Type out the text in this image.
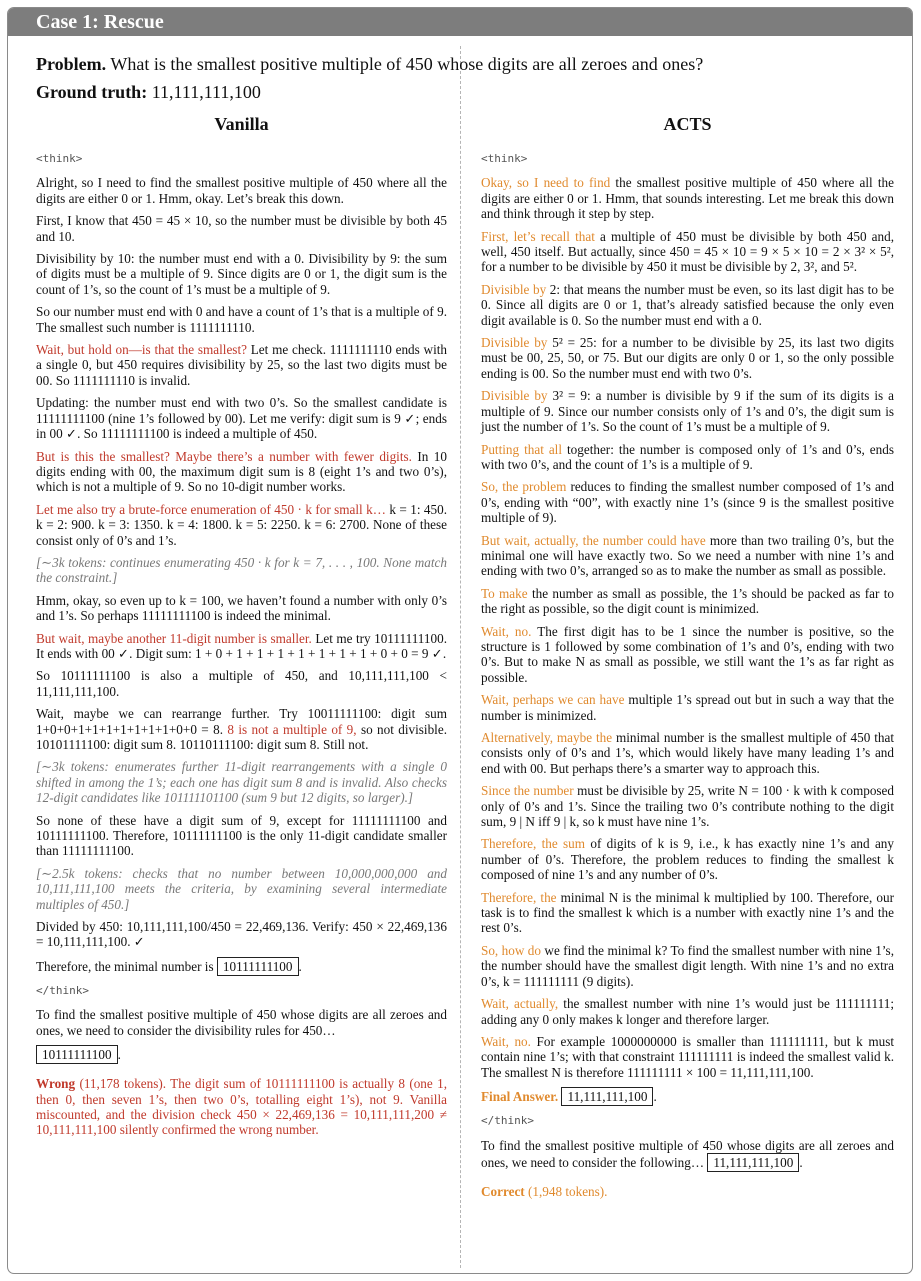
Case 1: Rescue
Problem. What is the smallest positive multiple of 450 whose digits are all zeroes and ones?
Ground truth: 11,111,111,100
Vanilla	ACTS
<think>

Alright, so I need to find the smallest positive multiple of 450 where all the digits are either 0 or 1. Hmm, okay. Let’s break this down.

First, I know that 450 = 45 × 10, so the number must be divisible by both 45 and 10.

Divisibility by 10: the number must end with a 0. Divisibility by 9: the sum of digits must be a multiple of 9. Since digits are 0 or 1, the digit sum is the count of 1’s, so the count of 1’s must be a multiple of 9.

So our number must end with 0 and have a count of 1’s that is a multiple of 9. The smallest such number is 1111111110.

Wait, but hold on—is that the smallest? Let me check. 1111111110 ends with a single 0, but 450 requires divisibility by 25, so the last two digits must be 00. So 1111111110 is invalid.

Updating: the number must end with two 0’s. So the smallest candidate is 11111111100 (nine 1’s followed by 00). Let me verify: digit sum is 9 ✓; ends in 00 ✓. So 11111111100 is indeed a multiple of 450.

But is this the smallest? Maybe there’s a number with fewer digits. In 10 digits ending with 00, the maximum digit sum is 8 (eight 1’s and two 0’s), which is not a multiple of 9. So no 10-digit number works.

Let me also try a brute-force enumeration of 450 · k for small k… k = 1: 450. k = 2: 900. k = 3: 1350. k = 4: 1800. k = 5: 2250. k = 6: 2700. None of these consist only of 0’s and 1’s.

[∼3k tokens: continues enumerating 450 · k for k = 7, . . . , 100. None match the constraint.]

Hmm, okay, so even up to k = 100, we haven’t found a number with only 0’s and 1’s. So perhaps 11111111100 is indeed the minimal.

But wait, maybe another 11-digit number is smaller. Let me try 10111111100. It ends with 00 ✓. Digit sum: 1 + 0 + 1 + 1 + 1 + 1 + 1 + 1 + 1 + 0 + 0 = 9 ✓.

So 10111111100 is also a multiple of 450, and 10,111,111,100 < 11,111,111,100.

Wait, maybe we can rearrange further. Try 10011111100: digit sum 1+0+0+1+1+1+1+1+1+1+0+0 = 8. 8 is not a multiple of 9, so not divisible. 10101111100: digit sum 8. 10110111100: digit sum 8. Still not.

[∼3k tokens: enumerates further 11-digit rearrangements with a single 0 shifted in among the 1’s; each one has digit sum 8 and is invalid. Also checks 12-digit candidates like 101111101100 (sum 9 but 12 digits, so larger).]

So none of these have a digit sum of 9, except for 11111111100 and 10111111100. Therefore, 10111111100 is the only 11-digit candidate smaller than 11111111100.

[∼2.5k tokens: checks that no number between 10,000,000,000 and 10,111,111,100 meets the criteria, by examining several intermediate multiples of 450.]

Divided by 450: 10,111,111,100/450 = 22,469,136. Verify: 450 × 22,469,136 = 10,111,111,100. ✓

Therefore, the minimal number is 10111111100 .

</think>

To find the smallest positive multiple of 450 whose digits are all zeroes and ones, we need to consider the divisibility rules for 450…

10111111100 .

Wrong (11,178 tokens). The digit sum of 10111111100 is actually 8 (one 1, then 0, then seven 1’s, then two 0’s, totalling eight 1’s), not 9. Vanilla miscounted, and the division check 450 × 22,469,136 = 10,111,111,200 ≠ 10,111,111,100 silently confirmed the wrong number.

<think>

Okay, so I need to find the smallest positive multiple of 450 where all the digits are either 0 or 1. Hmm, that sounds interesting. Let me break this down and think through it step by step.

First, let’s recall that a multiple of 450 must be divisible by both 450 and, well, 450 itself. But actually, since 450 = 45 × 10 = 9 × 5 × 10 = 2 × 3² × 5², for a number to be divisible by 450 it must be divisible by 2, 3², and 5².

Divisible by 2: that means the number must be even, so its last digit has to be 0. Since all digits are 0 or 1, that’s already satisfied because the only even digit available is 0. So the number must end with a 0.

Divisible by 5² = 25: for a number to be divisible by 25, its last two digits must be 00, 25, 50, or 75. But our digits are only 0 or 1, so the only possible ending is 00. So the number must end with two 0’s.

Divisible by 3² = 9: a number is divisible by 9 if the sum of its digits is a multiple of 9. Since our number consists only of 1’s and 0’s, the digit sum is just the number of 1’s. So the count of 1’s must be a multiple of 9.

Putting that all together: the number is composed only of 1’s and 0’s, ends with two 0’s, and the count of 1’s is a multiple of 9.

So, the problem reduces to finding the smallest number composed of 1’s and 0’s, ending with “00”, with exactly nine 1’s (since 9 is the smallest positive multiple of 9).

But wait, actually, the number could have more than two trailing 0’s, but the minimal one will have exactly two. So we need a number with nine 1’s and ending with two 0’s, arranged so as to make the number as small as possible.

To make the number as small as possible, the 1’s should be packed as far to the right as possible, so the digit count is minimized.

Wait, no. The first digit has to be 1 since the number is positive, so the structure is 1 followed by some combination of 1’s and 0’s, ending with two 0’s. But to make N as small as possible, we still want the 1’s as far right as possible.

Wait, perhaps we can have multiple 1’s spread out but in such a way that the number is minimized.

Alternatively, maybe the minimal number is the smallest multiple of 450 that consists only of 0’s and 1’s, which would likely have many leading 1’s and end with 00. But perhaps there’s a smarter way to approach this.

Since the number must be divisible by 25, write N = 100 · k with k composed only of 0’s and 1’s. Since the trailing two 0’s contribute nothing to the digit sum, 9 | N iff 9 | k, so k must have nine 1’s.

Therefore, the sum of digits of k is 9, i.e., k has exactly nine 1’s and any number of 0’s. Therefore, the problem reduces to finding the smallest k composed of nine 1’s and any number of 0’s.

Therefore, the minimal N is the minimal k multiplied by 100. Therefore, our task is to find the smallest k which is a number with exactly nine 1’s and the rest 0’s.

So, how do we find the minimal k? To find the smallest number with nine 1’s, the number should have the smallest digit length. With nine 1’s and no extra 0’s, k = 111111111 (9 digits).

Wait, actually, the smallest number with nine 1’s would just be 111111111; adding any 0 only makes k longer and therefore larger.

Wait, no. For example 1000000000 is smaller than 111111111, but k must contain nine 1’s; with that constraint 111111111 is indeed the smallest valid k. The smallest N is therefore 111111111 × 100 = 11,111,111,100.

Final Answer. 11,111,111,100 .

</think>

To find the smallest positive multiple of 450 whose digits are all zeroes and ones, we need to consider the following… 11,111,111,100 .

Correct (1,948 tokens).
